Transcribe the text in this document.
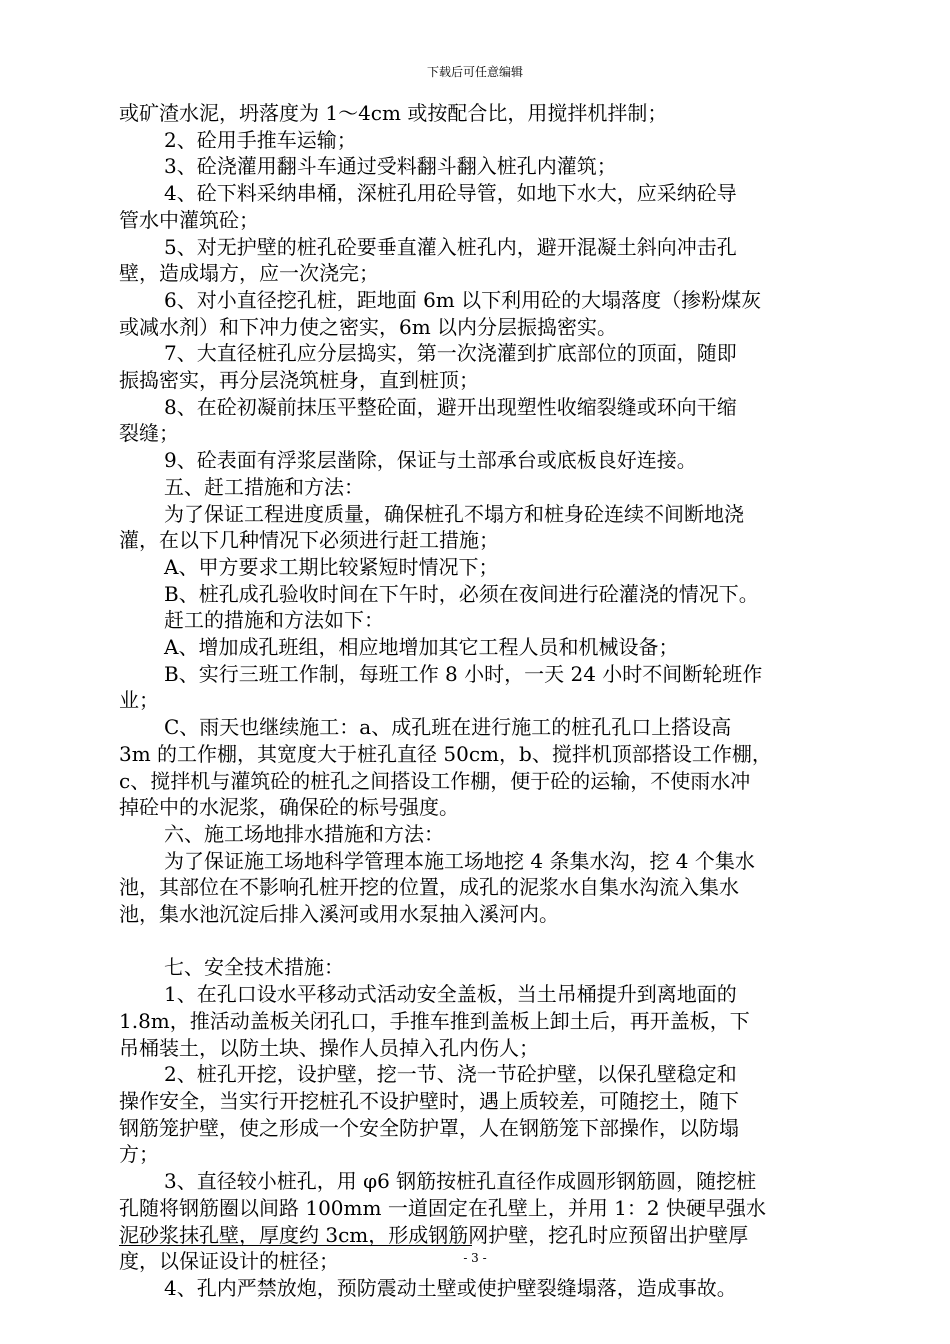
下载后可任意编辑

或矿渣水泥，坍落度为 1～4cm 或按配合比，用搅拌机拌制；

2、砼用手推车运输；

3、砼浇灌用翻斗车通过受料翻斗翻入桩孔内灌筑；

4、砼下料采纳串桶，深桩孔用砼导管，如地下水大，应采纳砼导

管水中灌筑砼；

5、对无护壁的桩孔砼要垂直灌入桩孔内，避开混凝土斜向冲击孔

壁，造成塌方，应一次浇完；

6、对小直径挖孔桩，距地面 6m 以下利用砼的大塌落度（掺粉煤灰

或减水剂）和下冲力使之密实，6m 以内分层振捣密实。

7、大直径桩孔应分层捣实，第一次浇灌到扩底部位的顶面，随即

振捣密实，再分层浇筑桩身，直到桩顶；

8、在砼初凝前抹压平整砼面，避开出现塑性收缩裂缝或环向干缩

裂缝；

9、砼表面有浮浆层凿除，保证与土部承台或底板良好连接。

五、赶工措施和方法：

为了保证工程进度质量，确保桩孔不塌方和桩身砼连续不间断地浇

灌，在以下几种情况下必须进行赶工措施；

A、甲方要求工期比较紧短时情况下；

B、桩孔成孔验收时间在下午时，必须在夜间进行砼灌浇的情况下。

赶工的措施和方法如下：

A、增加成孔班组，相应地增加其它工程人员和机械设备；

B、实行三班工作制，每班工作 8 小时，一天 24 小时不间断轮班作

业；

C、雨天也继续施工：a、成孔班在进行施工的桩孔孔口上搭设高

3m 的工作棚，其宽度大于桩孔直径 50cm，b、搅拌机顶部搭设工作棚，

c、搅拌机与灌筑砼的桩孔之间搭设工作棚，便于砼的运输，不使雨水冲

掉砼中的水泥浆，确保砼的标号强度。

六、施工场地排水措施和方法：

为了保证施工场地科学管理本施工场地挖 4 条集水沟，挖 4 个集水

池，其部位在不影响孔桩开挖的位置，成孔的泥浆水自集水沟流入集水

池，集水池沉淀后排入溪河或用水泵抽入溪河内。

七、安全技术措施：

1、在孔口设水平移动式活动安全盖板，当土吊桶提升到离地面的

1.8m，推活动盖板关闭孔口，手推车推到盖板上卸土后，再开盖板，下

吊桶装土，以防土块、操作人员掉入孔内伤人；

2、桩孔开挖，设护壁，挖一节、浇一节砼护壁，以保孔壁稳定和

操作安全，当实行开挖桩孔不设护壁时，遇上质较差，可随挖土，随下

钢筋笼护壁，使之形成一个安全防护罩，人在钢筋笼下部操作，以防塌

方；

3、直径较小桩孔，用 φ6 钢筋按桩孔直径作成圆形钢筋圆，随挖桩

孔随将钢筋圈以间路 100mm 一道固定在孔壁上，并用 1：2 快硬早强水

泥砂浆抹孔壁，厚度约 3cm，形成钢筋网护壁，挖孔时应预留出护壁厚

度，以保证设计的桩径；

4、孔内严禁放炮，预防震动土壁或使护壁裂缝塌落，造成事故。

- 3 -
